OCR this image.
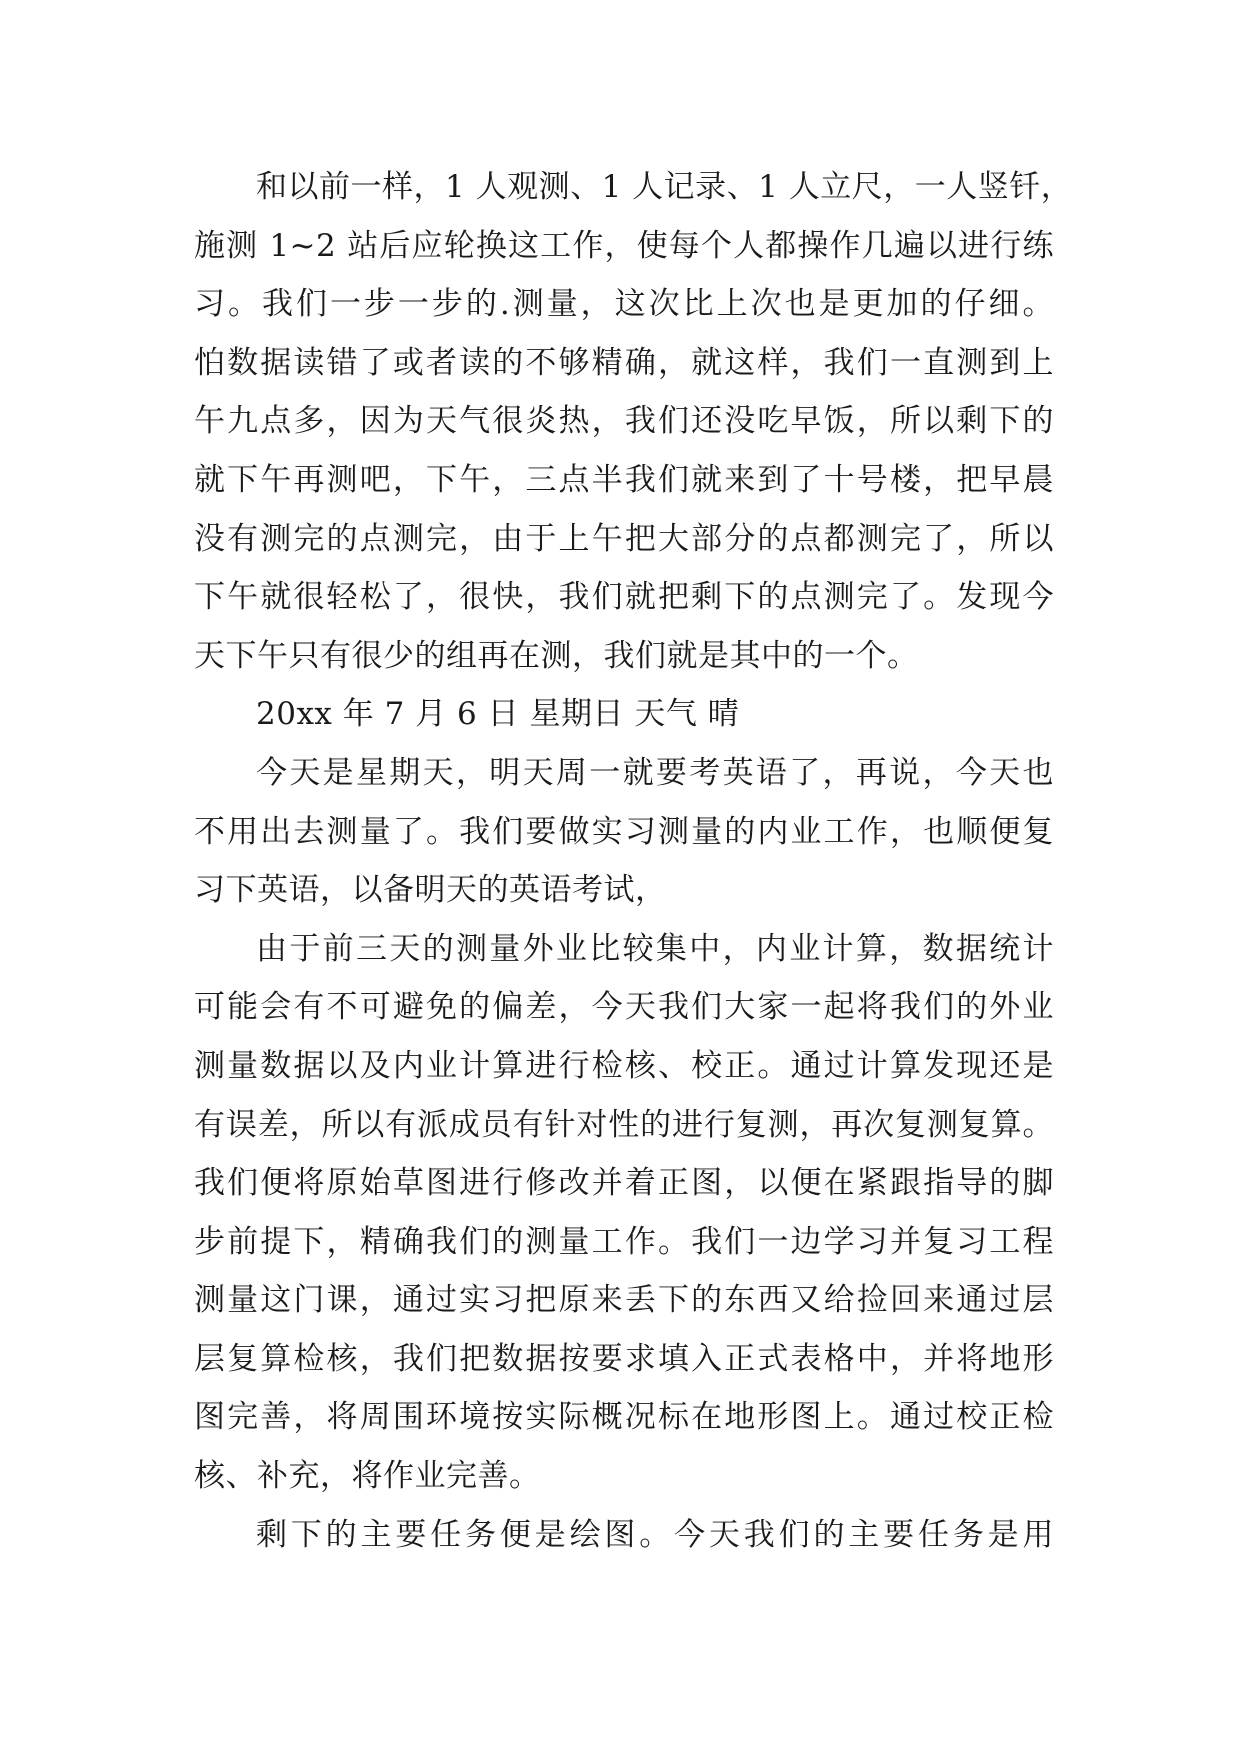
和以前一样，1 人观测、1 人记录、1 人立尺，一人竖钎，
施测 1~2 站后应轮换这工作，使每个人都操作几遍以进行练
习。我们一步一步的.测量，这次比上次也是更加的仔细。
怕数据读错了或者读的不够精确，就这样，我们一直测到上
午九点多，因为天气很炎热，我们还没吃早饭，所以剩下的
就下午再测吧，下午，三点半我们就来到了十号楼，把早晨
没有测完的点测完，由于上午把大部分的点都测完了，所以
下午就很轻松了，很快，我们就把剩下的点测完了。发现今
天下午只有很少的组再在测，我们就是其中的一个。
20xx 年 7 月 6 日 星期日 天气 晴
今天是星期天，明天周一就要考英语了，再说，今天也
不用出去测量了。我们要做实习测量的内业工作，也顺便复
习下英语，以备明天的英语考试，
由于前三天的测量外业比较集中，内业计算，数据统计
可能会有不可避免的偏差，今天我们大家一起将我们的外业
测量数据以及内业计算进行检核、校正。通过计算发现还是
有误差，所以有派成员有针对性的进行复测，再次复测复算。
我们便将原始草图进行修改并着正图，以便在紧跟指导的脚
步前提下，精确我们的测量工作。我们一边学习并复习工程
测量这门课，通过实习把原来丢下的东西又给捡回来通过层
层复算检核，我们把数据按要求填入正式表格中，并将地形
图完善，将周围环境按实际概况标在地形图上。通过校正检
核、补充，将作业完善。
剩下的主要任务便是绘图。今天我们的主要任务是用
